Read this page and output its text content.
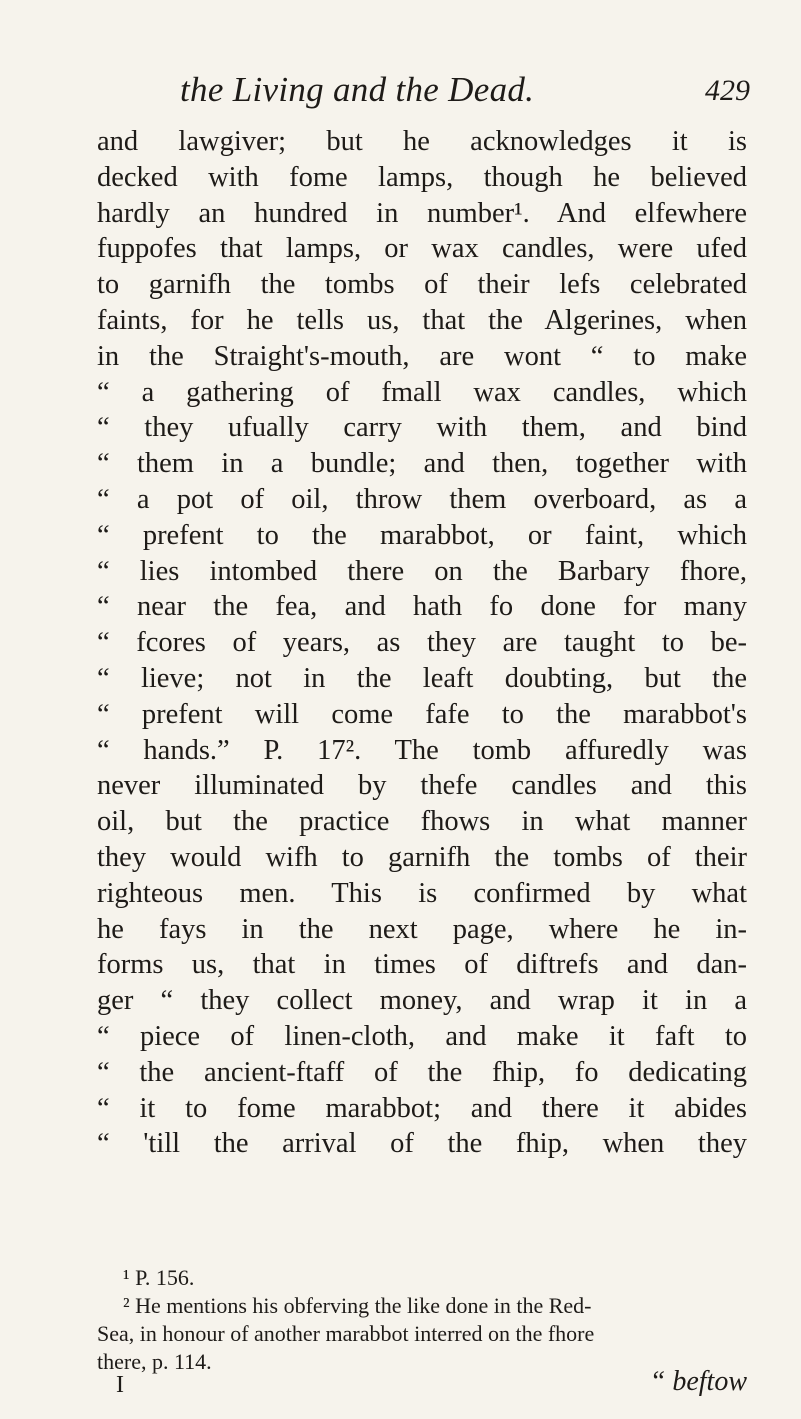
the Living and the Dead.	429
and lawgiver; but he acknowledges it is
decked with fome lamps, though he believed
hardly an hundred in number¹. And elfewhere
fuppofes that lamps, or wax candles, were ufed
to garnifh the tombs of their lefs celebrated
faints, for he tells us, that the Algerines, when
in the Straight's-mouth, are wont “ to make
“ a gathering of fmall wax candles, which
“ they ufually carry with them, and bind
“ them in a bundle; and then, together with
“ a pot of oil, throw them overboard, as a
“ prefent to the marabbot, or faint, which
“ lies intombed there on the Barbary fhore,
“ near the fea, and hath fo done for many
“ fcores of years, as they are taught to be-
“ lieve; not in the leaft doubting, but the
“ prefent will come fafe to the marabbot's
“ hands.” P. 17². The tomb affuredly was
never illuminated by thefe candles and this
oil, but the practice fhows in what manner
they would wifh to garnifh the tombs of their
righteous men. This is confirmed by what
he fays in the next page, where he in-
forms us, that in times of diftrefs and dan-
ger “ they collect money, and wrap it in a
“ piece of linen-cloth, and make it faft to
“ the ancient-ftaff of the fhip, fo dedicating
“ it to fome marabbot; and there it abides
“ 'till the arrival of the fhip, when they
¹ P. 156.
² He mentions his obferving the like done in the Red-
Sea, in honour of another marabbot interred on the fhore
there, p. 114.
I	“ beftow
